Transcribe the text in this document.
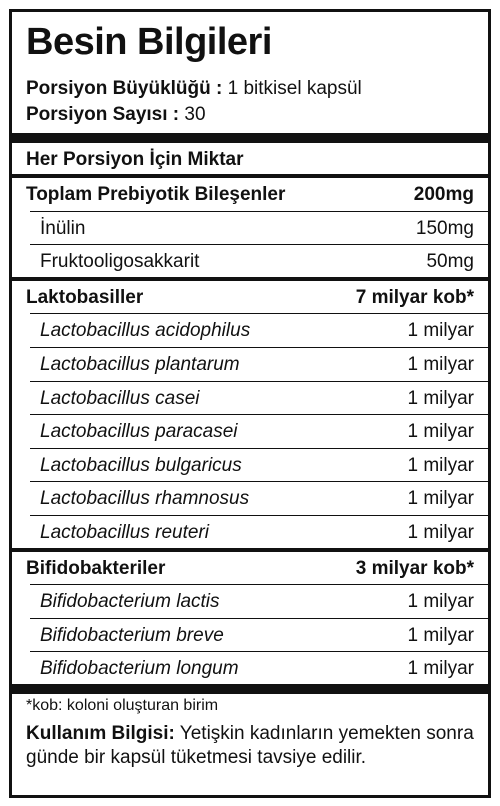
Besin Bilgileri
Porsiyon Büyüklüğü : 1 bitkisel kapsül
Porsiyon Sayısı : 30
Her Porsiyon İçin Miktar
Toplam Prebiyotik Bileşenler	200mg
İnülin	150mg
Fruktooligosakkarit	50mg
Laktobasiller	7 milyar kob*
Lactobacillus acidophilus	1 milyar
Lactobacillus plantarum	1 milyar
Lactobacillus casei	1 milyar
Lactobacillus paracasei	1 milyar
Lactobacillus bulgaricus	1 milyar
Lactobacillus rhamnosus	1 milyar
Lactobacillus reuteri	1 milyar
Bifidobakteriler	3 milyar kob*
Bifidobacterium lactis	1 milyar
Bifidobacterium breve	1 milyar
Bifidobacterium longum	1 milyar
*kob: koloni oluşturan birim
Kullanım Bilgisi: Yetişkin kadınların yemekten sonra günde bir kapsül tüketmesi tavsiye edilir.
